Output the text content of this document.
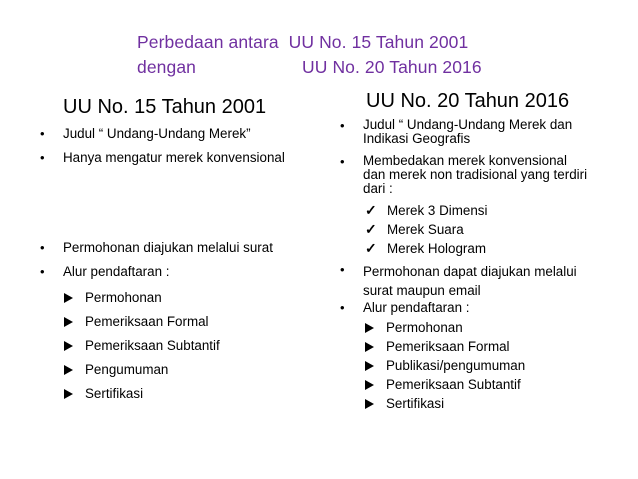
Perbedaan antara  UU No. 15 Tahun 2001
dengan	UU No. 20 Tahun 2016
UU No. 15 Tahun 2001
• Judul “ Undang-Undang Merek”
• Hanya mengatur merek konvensional
• Permohonan diajukan melalui surat
• Alur pendaftaran :
Permohonan
Pemeriksaan Formal
Pemeriksaan Subtantif
Pengumuman
Sertifikasi
UU No. 20 Tahun 2016
• Judul “ Undang-Undang Merek dan
Indikasi Geografis
• Membedakan merek konvensional
dan merek non tradisional yang terdiri
dari :
✓ Merek 3 Dimensi
✓ Merek Suara
✓ Merek Hologram
• Permohonan dapat diajukan melalui
surat maupun email
• Alur pendaftaran :
Permohonan
Pemeriksaan Formal
Publikasi/pengumuman
Pemeriksaan Subtantif
Sertifikasi
